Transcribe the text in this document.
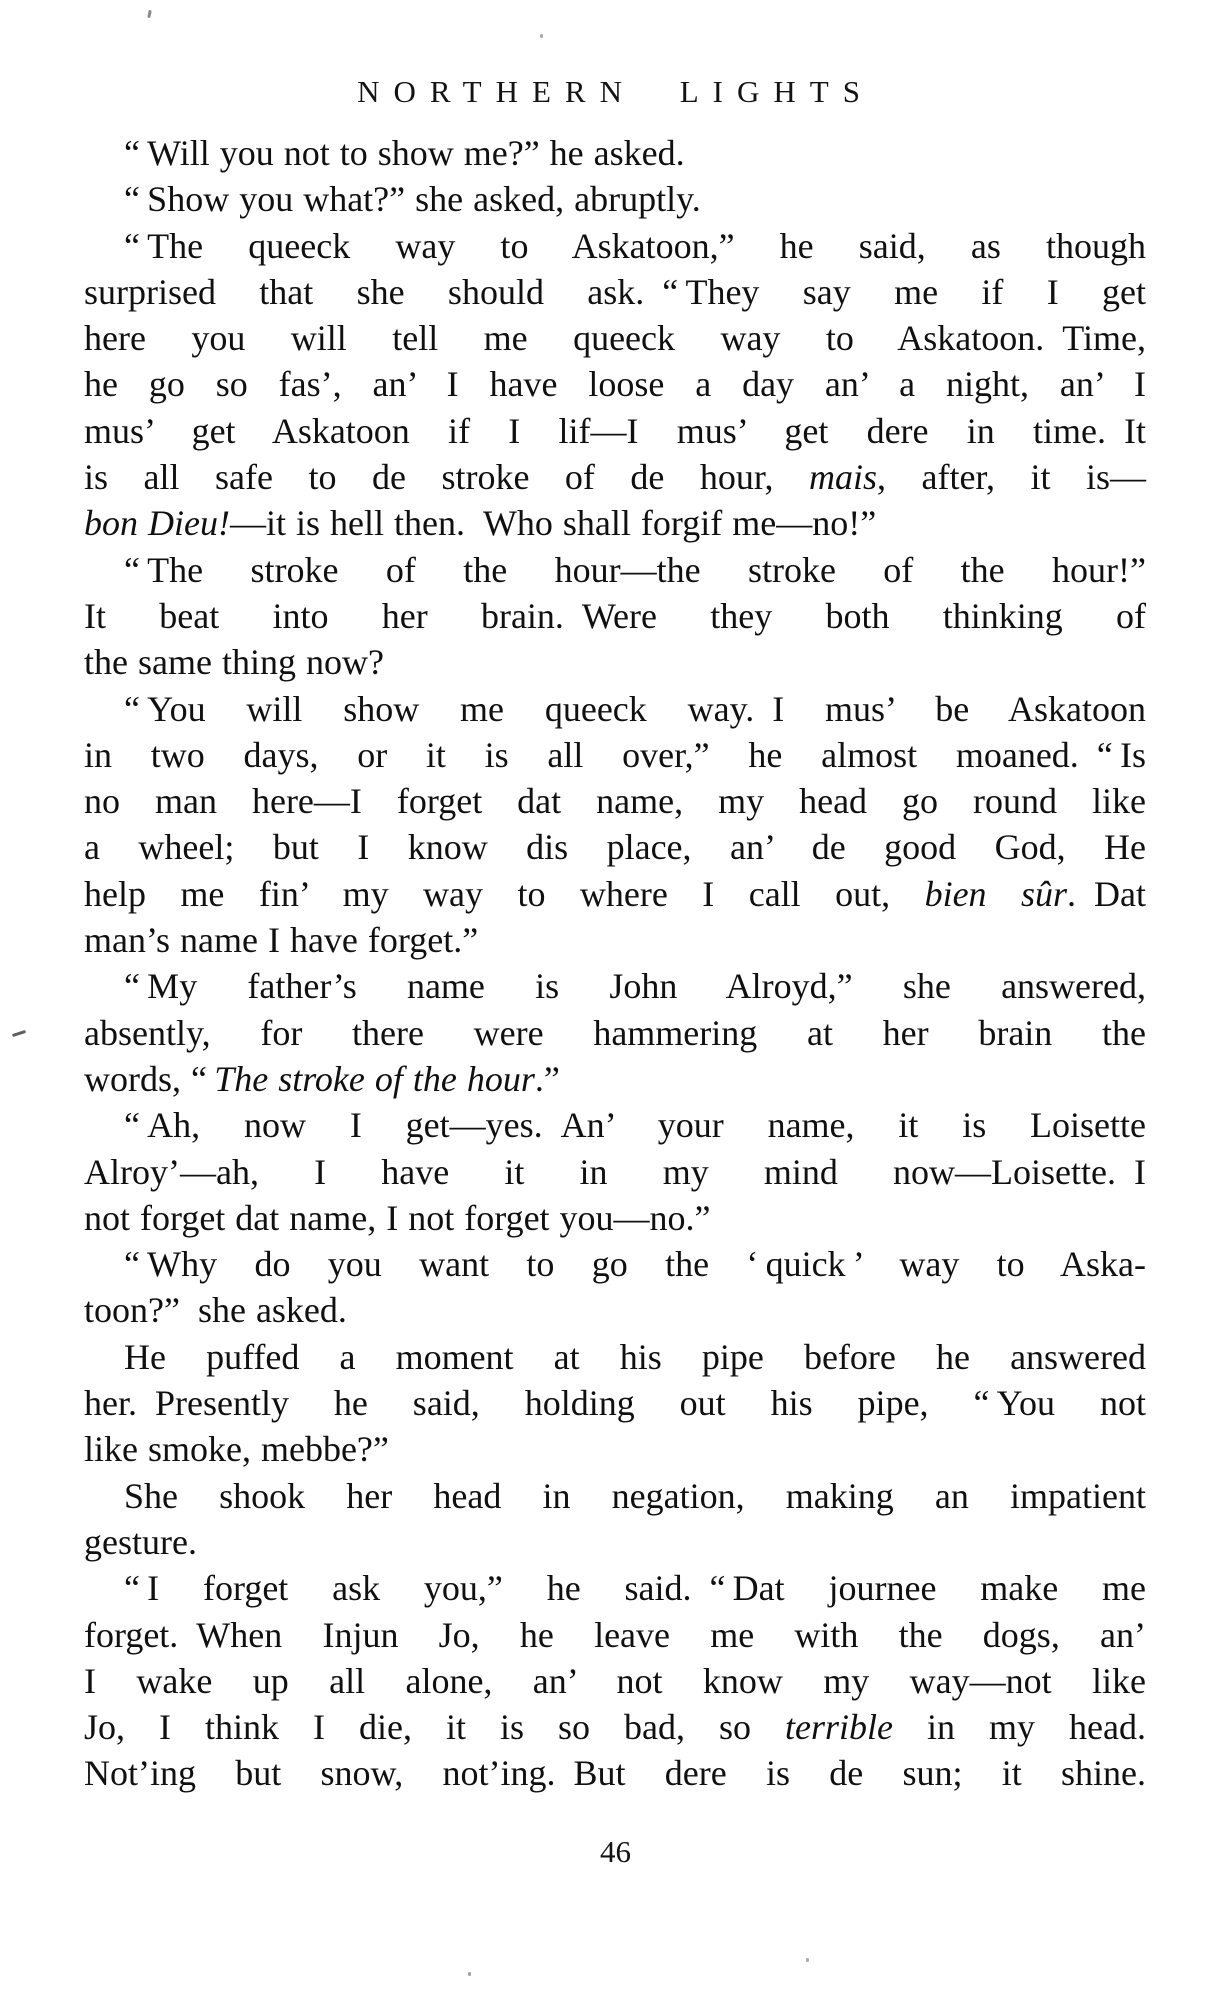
NORTHERN LIGHTS
“ Will you not to show me?” he asked.
“ Show you what?” she asked, abruptly.
“ The queeck way to Askatoon,” he said, as though
surprised that she should ask. “ They say me if I get
here you will tell me queeck way to Askatoon. Time,
he go so fas’, an’ I have loose a day an’ a night, an’ I
mus’ get Askatoon if I lif—I mus’ get dere in time. It
is all safe to de stroke of de hour, mais, after, it is—
bon Dieu!—it is hell then. Who shall forgif me—no!”
“ The stroke of the hour—the stroke of the hour!”
It beat into her brain. Were they both thinking of
the same thing now?
“ You will show me queeck way. I mus’ be Askatoon
in two days, or it is all over,” he almost moaned. “ Is
no man here—I forget dat name, my head go round like
a wheel; but I know dis place, an’ de good God, He
help me fin’ my way to where I call out, bien sûr. Dat
man’s name I have forget.”
“ My father’s name is John Alroyd,” she answered,
absently, for there were hammering at her brain the
words, “ The stroke of the hour.”
“ Ah, now I get—yes. An’ your name, it is Loisette
Alroy’—ah, I have it in my mind now—Loisette. I
not forget dat name, I not forget you—no.”
“ Why do you want to go the ‘ quick ’ way to Aska-
toon?” she asked.
He puffed a moment at his pipe before he answered
her. Presently he said, holding out his pipe, “ You not
like smoke, mebbe?”
She shook her head in negation, making an impatient
gesture.
“ I forget ask you,” he said. “ Dat journee make me
forget. When Injun Jo, he leave me with the dogs, an’
I wake up all alone, an’ not know my way—not like
Jo, I think I die, it is so bad, so terrible in my head.
Not’ing but snow, not’ing. But dere is de sun; it shine.
46
